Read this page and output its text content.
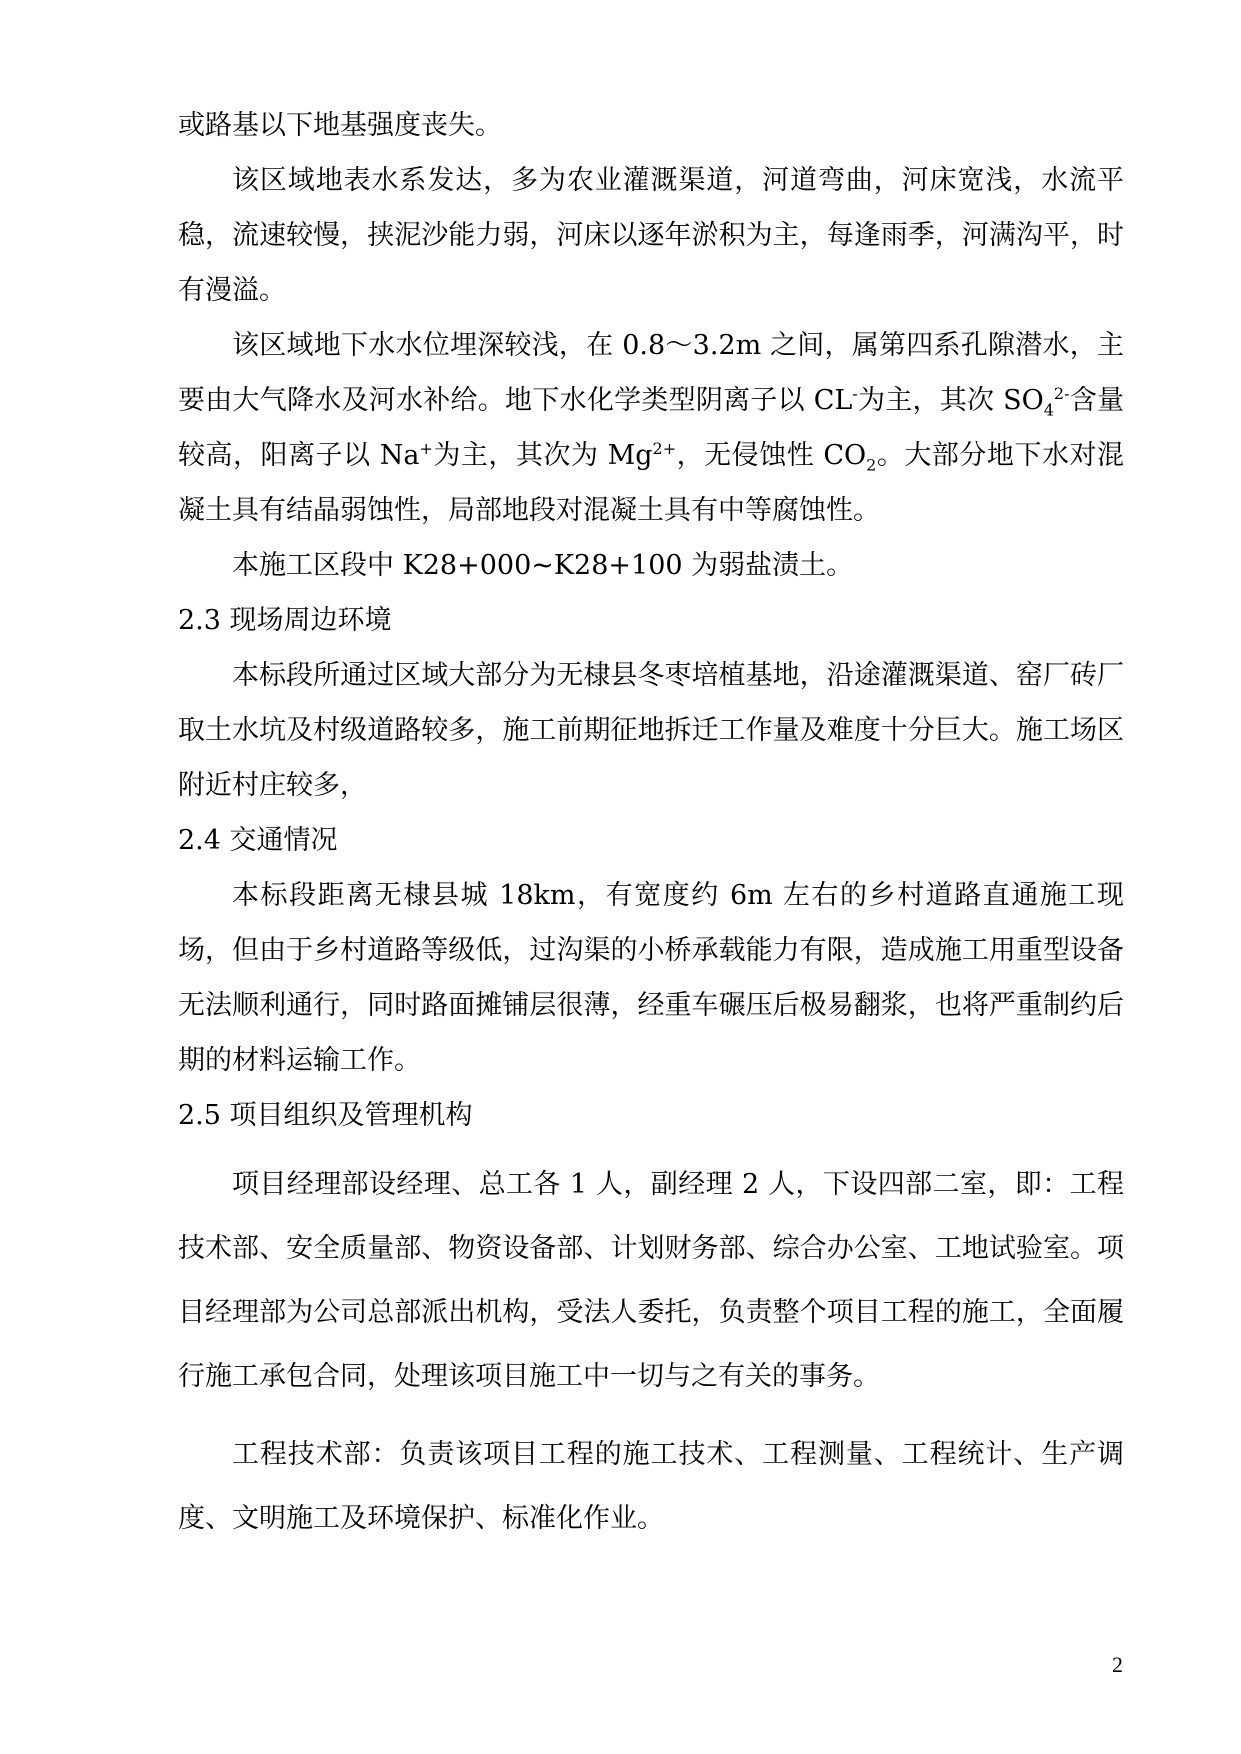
或路基以下地基强度丧失。

该区域地表水系发达，多为农业灌溉渠道，河道弯曲，河床宽浅，水流平稳，流速较慢，挟泥沙能力弱，河床以逐年淤积为主，每逢雨季，河满沟平，时有漫溢。

该区域地下水水位埋深较浅，在 0.8～3.2m 之间，属第四系孔隙潜水，主要由大气降水及河水补给。地下水化学类型阴离子以 CL-为主，其次 $SO_4^{2-}$含量较高，阳离子以 Na+为主，其次为 $Mg^{2+}$，无侵蚀性 $CO_2$。大部分地下水对混凝土具有结晶弱蚀性，局部地段对混凝土具有中等腐蚀性。

本施工区段中 K28+000~K28+100 为弱盐渍土。

2.3 现场周边环境

本标段所通过区域大部分为无棣县冬枣培植基地，沿途灌溉渠道、窑厂砖厂取土水坑及村级道路较多，施工前期征地拆迁工作量及难度十分巨大。施工场区附近村庄较多，

2.4 交通情况

本标段距离无棣县城 18km，有宽度约 6m 左右的乡村道路直通施工现场，但由于乡村道路等级低，过沟渠的小桥承载能力有限，造成施工用重型设备无法顺利通行，同时路面摊铺层很薄，经重车碾压后极易翻浆，也将严重制约后期的材料运输工作。

2.5 项目组织及管理机构

项目经理部设经理、总工各 1 人，副经理 2 人，下设四部二室，即：工程技术部、安全质量部、物资设备部、计划财务部、综合办公室、工地试验室。项目经理部为公司总部派出机构，受法人委托，负责整个项目工程的施工，全面履行施工承包合同，处理该项目施工中一切与之有关的事务。

工程技术部：负责该项目工程的施工技术、工程测量、工程统计、生产调度、文明施工及环境保护、标准化作业。

2
